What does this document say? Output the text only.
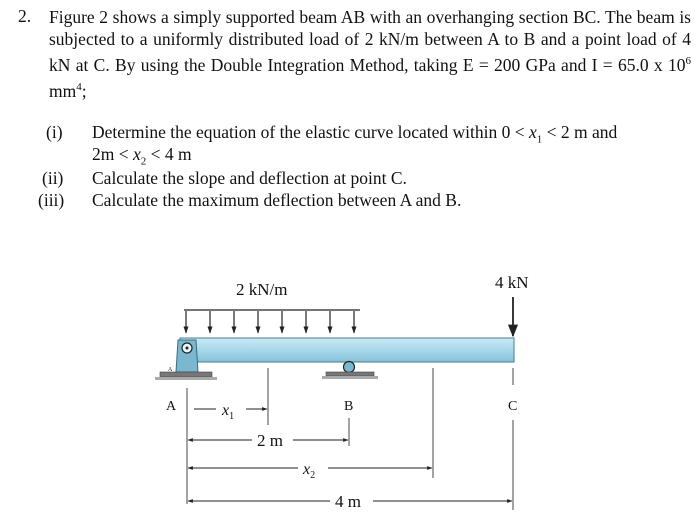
2. Figure 2 shows a simply supported beam AB with an overhanging section BC. The beam is subjected to a uniformly distributed load of 2 kN/m between A to B and a point load of 4 kN at C. By using the Double Integration Method, taking E = 200 GPa and I = 65.0 x $10^6$ $mm^4$;

(i) Determine the equation of the elastic curve located within $0 < x_1 < 2$ m and
$2m < x_2 < 4$ m
(ii) Calculate the slope and deflection at point C.
(iii) Calculate the maximum deflection between A and B.
2 kN/m	4 kN
A
A	B	C
$x_1$
2 m
$x_2$
4 m
